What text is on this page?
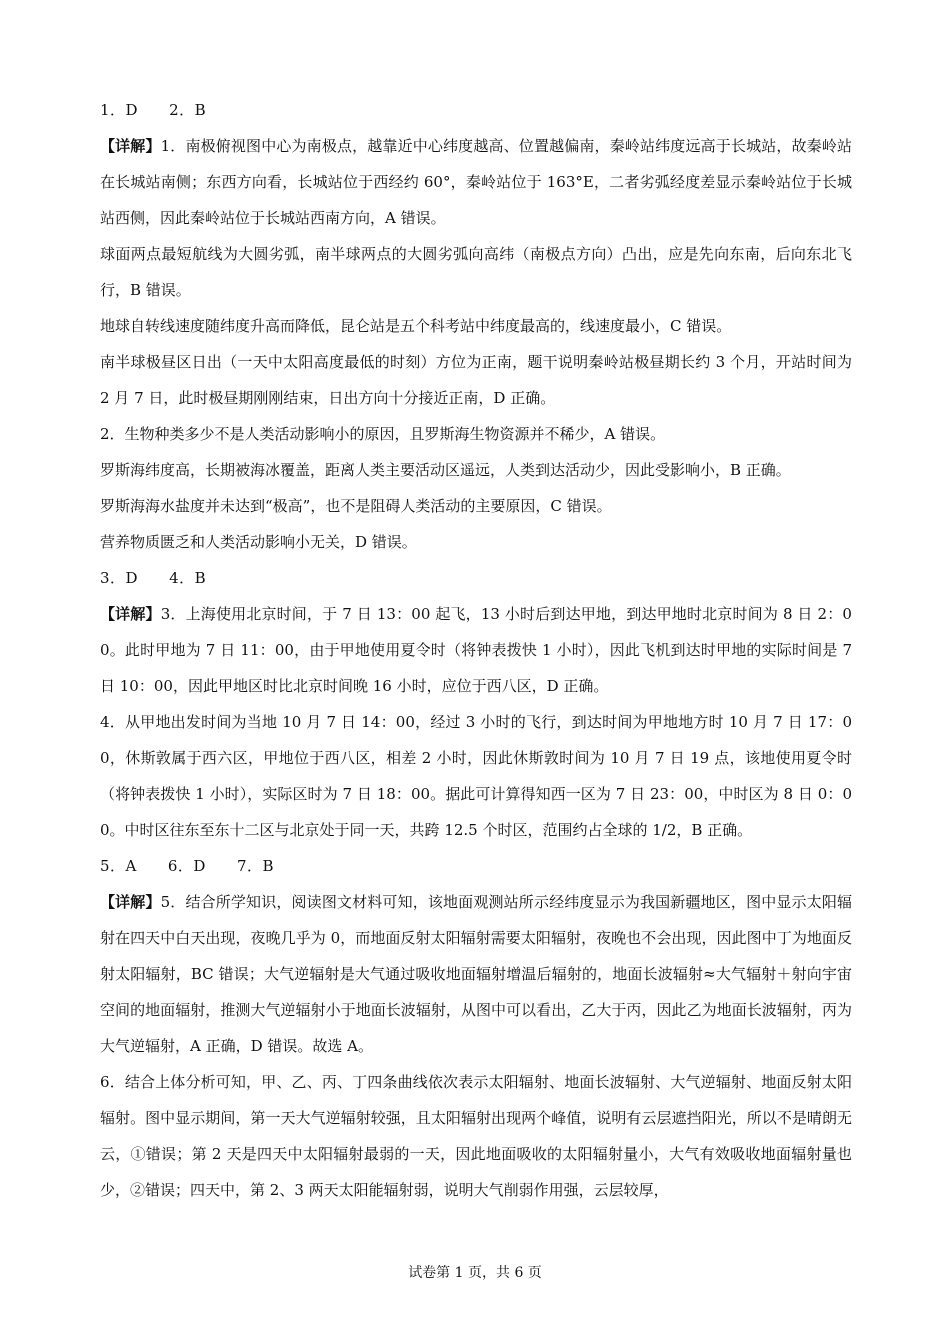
1．D　　2．B

【详解】1．南极俯视图中心为南极点，越靠近中心纬度越高、位置越偏南，秦岭站纬度远高于长城站，故秦岭站在长城站南侧；东西方向看，长城站位于西经约 60°，秦岭站位于 163°E，二者劣弧经度差显示秦岭站位于长城站西侧，因此秦岭站位于长城站西南方向，A 错误。

球面两点最短航线为大圆劣弧，南半球两点的大圆劣弧向高纬（南极点方向）凸出，应是先向东南，后向东北飞行，B 错误。

地球自转线速度随纬度升高而降低，昆仑站是五个科考站中纬度最高的，线速度最小，C 错误。

南半球极昼区日出（一天中太阳高度最低的时刻）方位为正南，题干说明秦岭站极昼期长约 3 个月，开站时间为 2 月 7 日，此时极昼期刚刚结束，日出方向十分接近正南，D 正确。

2．生物种类多少不是人类活动影响小的原因，且罗斯海生物资源并不稀少，A 错误。

罗斯海纬度高，长期被海冰覆盖，距离人类主要活动区遥远，人类到达活动少，因此受影响小，B 正确。

罗斯海海水盐度并未达到“极高”，也不是阻碍人类活动的主要原因，C 错误。

营养物质匮乏和人类活动影响小无关，D 错误。

3．D　　4．B

【详解】3．上海使用北京时间，于 7 日 13：00 起飞，13 小时后到达甲地，到达甲地时北京时间为 8 日 2：00。此时甲地为 7 日 11：00，由于甲地使用夏令时（将钟表拨快 1 小时），因此飞机到达时甲地的实际时间是 7 日 10：00，因此甲地区时比北京时间晚 16 小时，应位于西八区，D 正确。

4．从甲地出发时间为当地 10 月 7 日 14：00，经过 3 小时的飞行，到达时间为甲地地方时 10 月 7 日 17：00，休斯敦属于西六区，甲地位于西八区，相差 2 小时，因此休斯敦时间为 10 月 7 日 19 点，该地使用夏令时（将钟表拨快 1 小时），实际区时为 7 日 18：00。据此可计算得知西一区为 7 日 23：00，中时区为 8 日 0：00。中时区往东至东十二区与北京处于同一天，共跨 12.5 个时区，范围约占全球的 1/2，B 正确。

5．A　　6．D　　7．B

【详解】5．结合所学知识，阅读图文材料可知，该地面观测站所示经纬度显示为我国新疆地区，图中显示太阳辐射在四天中白天出现，夜晚几乎为 0，而地面反射太阳辐射需要太阳辐射，夜晚也不会出现，因此图中丁为地面反射太阳辐射，BC 错误；大气逆辐射是大气通过吸收地面辐射增温后辐射的，地面长波辐射≈大气辐射＋射向宇宙空间的地面辐射，推测大气逆辐射小于地面长波辐射，从图中可以看出，乙大于丙，因此乙为地面长波辐射，丙为大气逆辐射，A 正确，D 错误。故选 A。

6．结合上体分析可知，甲、乙、丙、丁四条曲线依次表示太阳辐射、地面长波辐射、大气逆辐射、地面反射太阳辐射。图中显示期间，第一天大气逆辐射较强，且太阳辐射出现两个峰值，说明有云层遮挡阳光，所以不是晴朗无云，①错误；第 2 天是四天中太阳辐射最弱的一天，因此地面吸收的太阳辐射量小，大气有效吸收地面辐射量也少，②错误；四天中，第 2、3 两天太阳能辐射弱，说明大气削弱作用强，云层较厚，

试卷第 1 页，共 6 页
